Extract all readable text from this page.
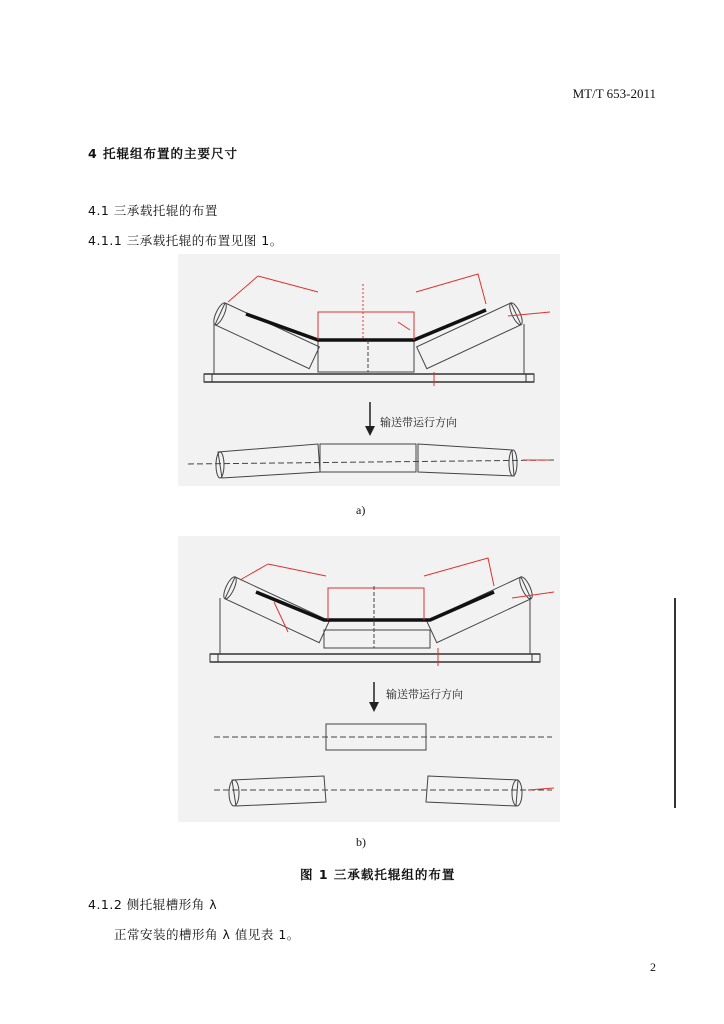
MT/T 653-2011
4 托辊组布置的主要尺寸
4.1 三承载托辊的布置
4.1.1 三承载托辊的布置见图 1。
输送带运行方向
a)
输送带运行方向
b)
图 1 三承载托辊组的布置
4.1.2 侧托辊槽形角 λ
正常安装的槽形角 λ 值见表 1。
2
